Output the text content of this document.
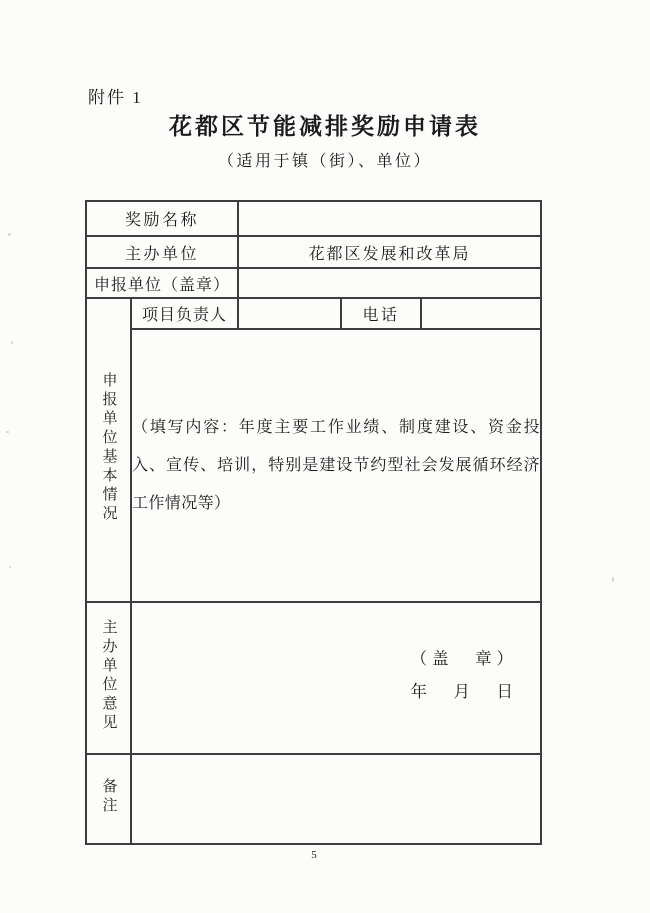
附件 1
花都区节能减排奖励申请表
（适用于镇（街）、单位）
奖励名称				
主办单位		花都区发展和改革局		
申报单位（盖章）				
申报单位基本情况	项目负责人		电话	
	（填写内容：年度主要工作业绩、制度建设、资金投入、宣传、培训，特别是建设节约型社会发展循环经济工作情况等）			
主办单位意见	（盖　章）
年　月　日			

备注				
5
